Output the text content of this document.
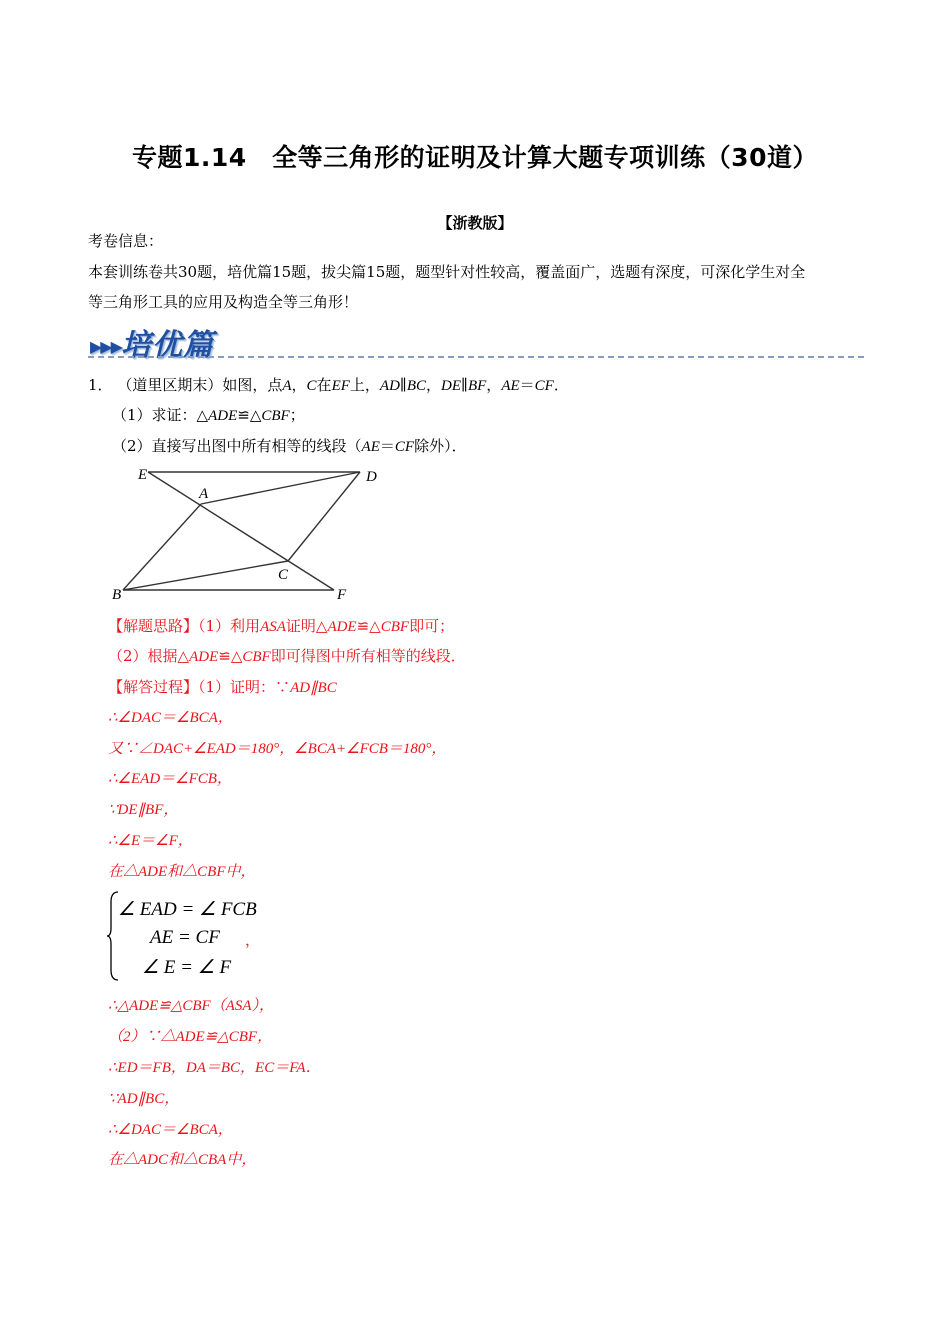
专题1.14　全等三角形的证明及计算大题专项训练（30道）
【浙教版】
考卷信息：
本套训练卷共30题，培优篇15题，拔尖篇15题，题型针对性较高，覆盖面广，选题有深度，可深化学生对全
等三角形工具的应用及构造全等三角形！
▶▶▶培优篇
1． （道里区期末）如图，点A，C在EF上，AD∥BC，DE∥BF，AE＝CF．
（1）求证：△ADE≌△CBF；
（2）直接写出图中所有相等的线段（AE＝CF除外）．
E	D
A
C
B	F
【解题思路】（1）利用ASA证明△ADE≌△CBF即可；
（2）根据△ADE≌△CBF即可得图中所有相等的线段．
【解答过程】（1）证明：∵AD∥BC
∴∠DAC＝∠BCA，
又∵∠DAC+∠EAD＝180°，∠BCA+∠FCB＝180°，
∴∠EAD＝∠FCB，
∵DE∥BF，
∴∠E＝∠F，
在△ADE和△CBF中，
∠ EAD = ∠ FCB
AE = CF
∠ E = ∠ F
，
∴△ADE≌△CBF（ASA），
（2）∵△ADE≌△CBF，
∴ED＝FB，DA＝BC，EC＝FA．
∵AD∥BC，
∴∠DAC＝∠BCA，
在△ADC和△CBA中，
